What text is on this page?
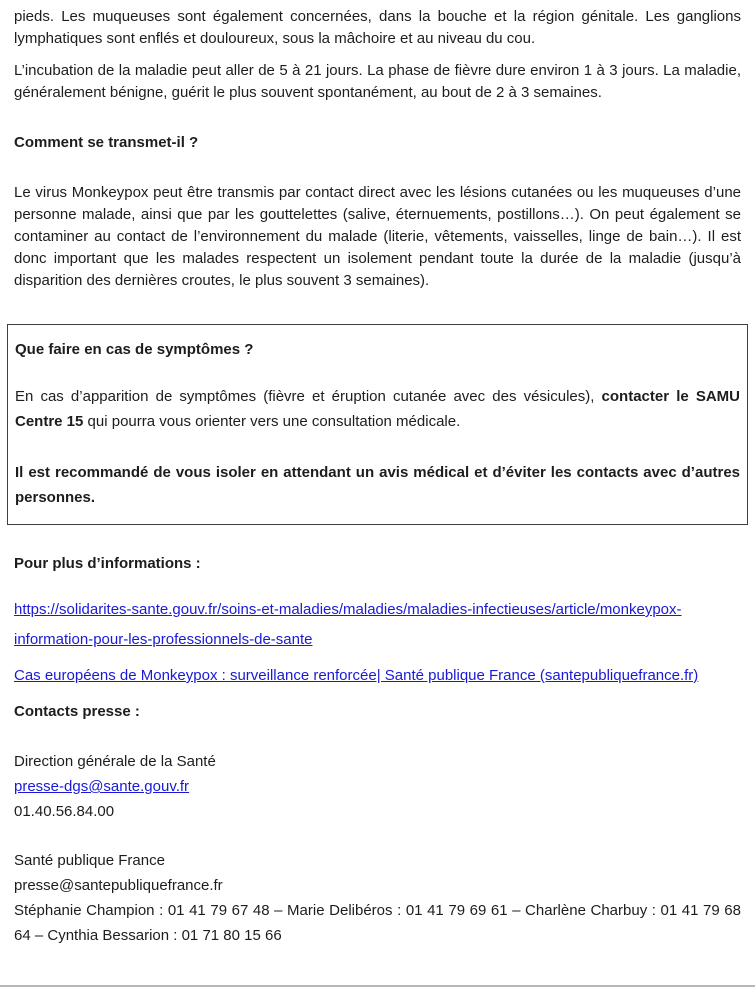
pieds. Les muqueuses sont également concernées, dans la bouche et la région génitale. Les ganglions lymphatiques sont enflés et douloureux, sous la mâchoire et au niveau du cou.

L’incubation de la maladie peut aller de 5 à 21 jours. La phase de fièvre dure environ 1 à 3 jours. La maladie, généralement bénigne, guérit le plus souvent spontanément, au bout de 2 à 3 semaines.

Comment se transmet-il ?

Le virus Monkeypox peut être transmis par contact direct avec les lésions cutanées ou les muqueuses d’une personne malade, ainsi que par les gouttelettes (salive, éternuements, postillons…). On peut également se contaminer au contact de l’environnement du malade (literie, vêtements, vaisselles, linge de bain…). Il est donc important que les malades respectent un isolement pendant toute la durée de la maladie (jusqu’à disparition des dernières croutes, le plus souvent 3 semaines).

Que faire en cas de symptômes ?

En cas d’apparition de symptômes (fièvre et éruption cutanée avec des vésicules), contacter le SAMU Centre 15 qui pourra vous orienter vers une consultation médicale.

Il est recommandé de vous isoler en attendant un avis médical et d’éviter les contacts avec d’autres personnes.

Pour plus d’informations :

https://solidarites-sante.gouv.fr/soins-et-maladies/maladies/maladies-infectieuses/article/monkeypox-information-pour-les-professionnels-de-sante

Cas européens de Monkeypox : surveillance renforcée| Santé publique France (santepubliquefrance.fr)

Contacts presse :
Direction générale de la Santé
presse-dgs@sante.gouv.fr
01.40.56.84.00
Santé publique France
presse@santepubliquefrance.fr
Stéphanie Champion : 01 41 79 67 48 – Marie Delibéros : 01 41 79 69 61 – Charlène Charbuy : 01 41 79 68 64 – Cynthia Bessarion : 01 71 80 15 66
